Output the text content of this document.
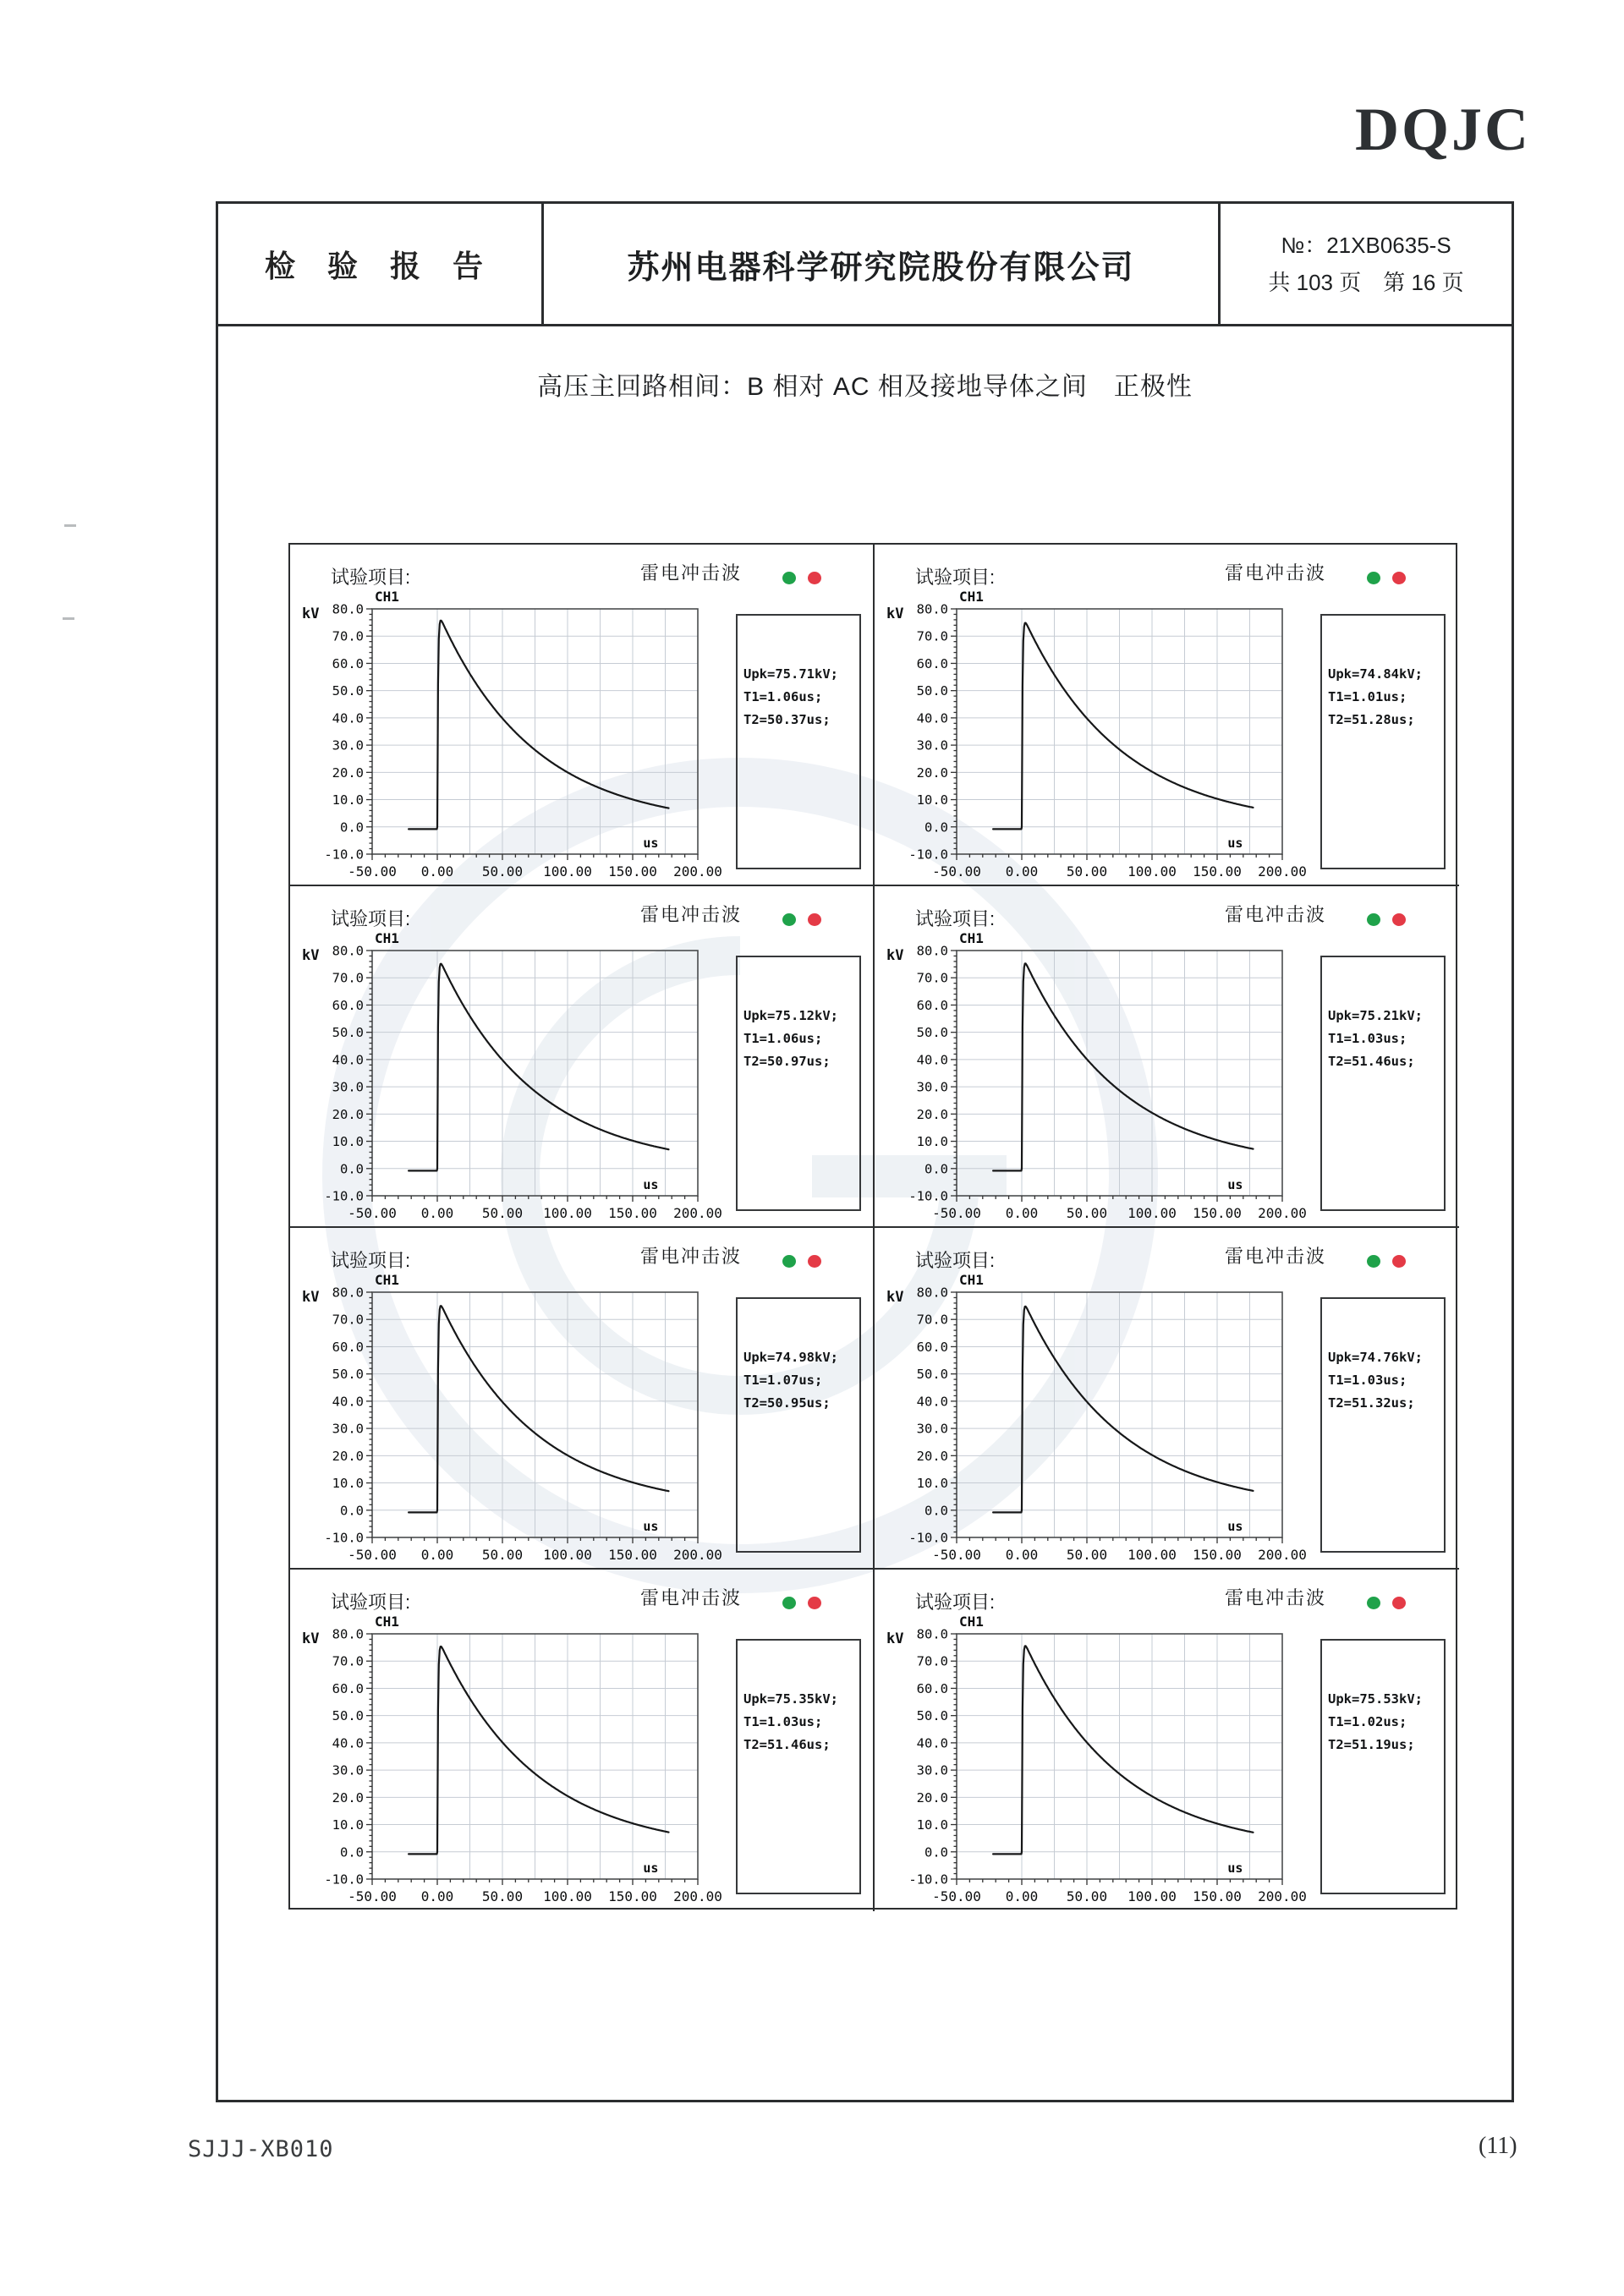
DQJC
检 验 报 告	苏州电器科学研究院股份有限公司
№：21XB0635-S
共 103 页　第 16 页
高压主回路相间：B 相对 AC 相及接地导体之间　正极性
80.0
70.0
60.0
50.0
40.0
30.0
20.0
10.0
0.0
-10.0
-50.00 0.00 50.00 100.00 150.00 200.00
us
试验项目:	雷电冲击波
CH1
kV
Upk=75.71kV;
T1=1.06us;
T2=50.37us;
80.0
70.0
60.0
50.0
40.0
30.0
20.0
10.0
0.0
-10.0
-50.00 0.00 50.00 100.00 150.00 200.00
us
试验项目:	雷电冲击波
CH1
kV
Upk=74.84kV;
T1=1.01us;
T2=51.28us;
80.0
70.0
60.0
50.0
40.0
30.0
20.0
10.0
0.0
-10.0
-50.00 0.00 50.00 100.00 150.00 200.00
us
试验项目:	雷电冲击波
CH1
kV
Upk=75.12kV;
T1=1.06us;
T2=50.97us;
80.0
70.0
60.0
50.0
40.0
30.0
20.0
10.0
0.0
-10.0
-50.00 0.00 50.00 100.00 150.00 200.00
us
试验项目:	雷电冲击波
CH1
kV
Upk=75.21kV;
T1=1.03us;
T2=51.46us;
80.0
70.0
60.0
50.0
40.0
30.0
20.0
10.0
0.0
-10.0
-50.00 0.00 50.00 100.00 150.00 200.00
us
试验项目:	雷电冲击波
CH1
kV
Upk=74.98kV;
T1=1.07us;
T2=50.95us;
80.0
70.0
60.0
50.0
40.0
30.0
20.0
10.0
0.0
-10.0
-50.00 0.00 50.00 100.00 150.00 200.00
us
试验项目:	雷电冲击波
CH1
kV
Upk=74.76kV;
T1=1.03us;
T2=51.32us;
80.0
70.0
60.0
50.0
40.0
30.0
20.0
10.0
0.0
-10.0
-50.00 0.00 50.00 100.00 150.00 200.00
us
试验项目:	雷电冲击波
CH1
kV
Upk=75.35kV;
T1=1.03us;
T2=51.46us;
80.0
70.0
60.0
50.0
40.0
30.0
20.0
10.0
0.0
-10.0
-50.00 0.00 50.00 100.00 150.00 200.00
us
试验项目:	雷电冲击波
CH1
kV
Upk=75.53kV;
T1=1.02us;
T2=51.19us;
SJJJ-XB010	(11)
